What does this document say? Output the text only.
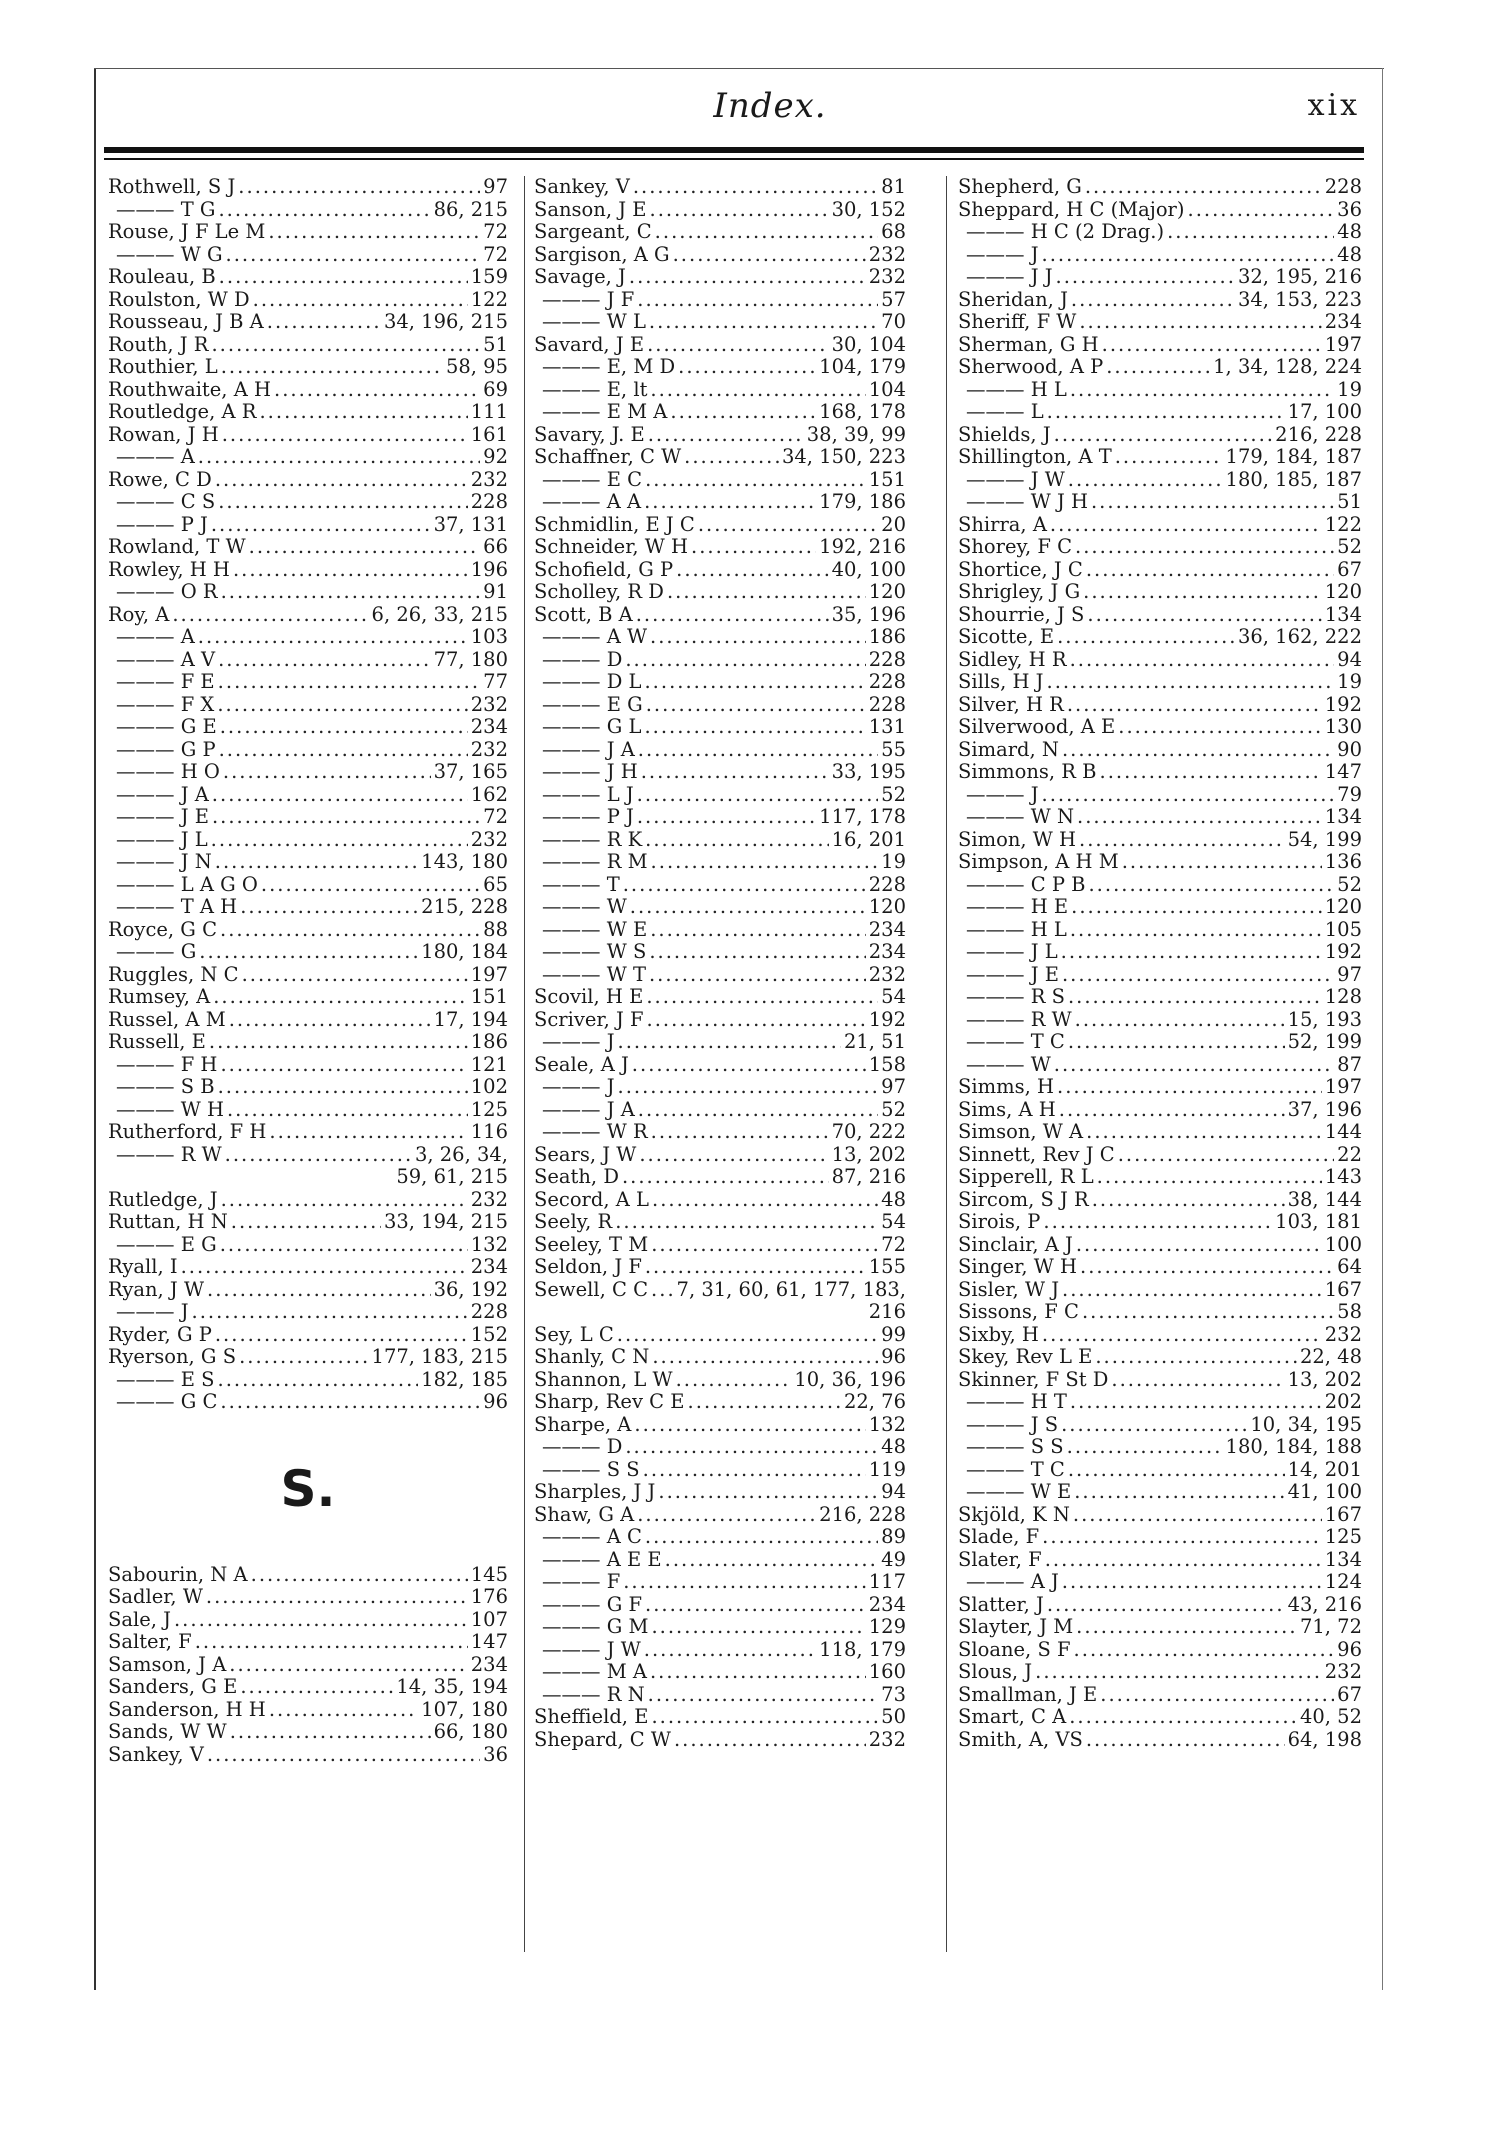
Index.	xix
Rothwell, S J .....	97
——— T G .....	86, 215
Rouse, J F Le M .....	72
——— W G .....	72
Rouleau, B .....	159
Roulston, W D .....	122
Rousseau, J B A .....	34, 196, 215
Routh, J R .....	51
Routhier, L .....	58, 95
Routhwaite, A H .....	69
Routledge, A R .....	111
Rowan, J H .....	161
——— A .....	92
Rowe, C D .....	232
——— C S .....	228
——— P J .....	37, 131
Rowland, T W .....	66
Rowley, H H .....	196
——— O R .....	91
Roy, A .....	6, 26, 33, 215
——— A .....	103
——— A V .....	77, 180
——— F E .....	77
——— F X .....	232
——— G E .....	234
——— G P .....	232
——— H O .....	37, 165
——— J A .....	162
——— J E .....	72
——— J L .....	232
——— J N .....	143, 180
——— L A G O .....	65
——— T A H .....	215, 228
Royce, G C .....	88
——— G .....	180, 184
Ruggles, N C .....	197
Rumsey, A .....	151
Russel, A M .....	17, 194
Russell, E .....	186
——— F H .....	121
——— S B .....	102
——— W H .....	125
Rutherford, F H .....	116
——— R W .....	3, 26, 34,
59, 61, 215
Rutledge, J .....	232
Ruttan, H N .....	33, 194, 215
——— E G .....	132
Ryall, I .....	234
Ryan, J W .....	36, 192
——— J .....	228
Ryder, G P .....	152
Ryerson, G S .....	177, 183, 215
——— E S .....	182, 185
——— G C .....	96
S.
Sabourin, N A .....	145
Sadler, W .....	176
Sale, J .....	107
Salter, F .....	147
Samson, J A .....	234
Sanders, G E .....	14, 35, 194
Sanderson, H H .....	107, 180
Sands, W W .....	66, 180
Sankey, V .....	36
Sankey, V .....	81
Sanson, J E .....	30, 152
Sargeant, C .....	68
Sargison, A G .....	232
Savage, J .....	232
——— J F .....	57
——— W L .....	70
Savard, J E .....	30, 104
——— E, M D .....	104, 179
——— E, lt .....	104
——— E M A .....	168, 178
Savary, J. E .....	38, 39, 99
Schaffner, C W .....	34, 150, 223
——— E C .....	151
——— A A .....	179, 186
Schmidlin, E J C .....	20
Schneider, W H .....	192, 216
Schofield, G P .....	40, 100
Scholley, R D .....	120
Scott, B A .....	35, 196
——— A W .....	186
——— D .....	228
——— D L .....	228
——— E G .....	228
——— G L .....	131
——— J A .....	55
——— J H .....	33, 195
——— L J .....	52
——— P J .....	117, 178
——— R K .....	16, 201
——— R M .....	19
——— T .....	228
——— W .....	120
——— W E .....	234
——— W S .....	234
——— W T .....	232
Scovil, H E .....	54
Scriver, J F .....	192
——— J .....	21, 51
Seale, A J .....	158
——— J .....	97
——— J A .....	52
——— W R .....	70, 222
Sears, J W .....	13, 202
Seath, D .....	87, 216
Secord, A L .....	48
Seely, R .....	54
Seeley, T M .....	72
Seldon, J F .....	155
Sewell, C C ..... 7, 31, 60, 61, 177, 183,
216
Sey, L C .....	99
Shanly, C N .....	96
Shannon, L W .....	10, 36, 196
Sharp, Rev C E .....	22, 76
Sharpe, A .....	132
——— D .....	48
——— S S .....	119
Sharples, J J .....	94
Shaw, G A .....	216, 228
——— A C .....	89
——— A E E .....	49
——— F .....	117
——— G F .....	234
——— G M .....	129
——— J W .....	118, 179
——— M A .....	160
——— R N .....	73
Sheffield, E .....	50
Shepard, C W .....	232
Shepherd, G .....	228
Sheppard, H C (Major) .....	36
——— H C (2 Drag.) .....	48
——— J .....	48
——— J J .....	32, 195, 216
Sheridan, J .....	34, 153, 223
Sheriff, F W .....	234
Sherman, G H .....	197
Sherwood, A P .....	1, 34, 128, 224
——— H L .....	19
——— L .....	17, 100
Shields, J .....	216, 228
Shillington, A T .....	179, 184, 187
——— J W .....	180, 185, 187
——— W J H .....	51
Shirra, A .....	122
Shorey, F C .....	52
Shortice, J C .....	67
Shrigley, J G .....	120
Shourrie, J S .....	134
Sicotte, E .....	36, 162, 222
Sidley, H R .....	94
Sills, H J .....	19
Silver, H R .....	192
Silverwood, A E .....	130
Simard, N .....	90
Simmons, R B .....	147
——— J .....	79
——— W N .....	134
Simon, W H .....	54, 199
Simpson, A H M .....	136
——— C P B .....	52
——— H E .....	120
——— H L .....	105
——— J L .....	192
——— J E .....	97
——— R S .....	128
——— R W .....	15, 193
——— T C .....	52, 199
——— W .....	87
Simms, H .....	197
Sims, A H .....	37, 196
Simson, W A .....	144
Sinnett, Rev J C .....	22
Sipperell, R L .....	143
Sircom, S J R .....	38, 144
Sirois, P .....	103, 181
Sinclair, A J .....	100
Singer, W H .....	64
Sisler, W J .....	167
Sissons, F C .....	58
Sixby, H .....	232
Skey, Rev L E .....	22, 48
Skinner, F St D .....	13, 202
——— H T .....	202
——— J S .....	10, 34, 195
——— S S .....	180, 184, 188
——— T C .....	14, 201
——— W E .....	41, 100
Skjöld, K N .....	167
Slade, F .....	125
Slater, F .....	134
——— A J .....	124
Slatter, J .....	43, 216
Slayter, J M .....	71, 72
Sloane, S F .....	96
Slous, J .....	232
Smallman, J E .....	67
Smart, C A .....	40, 52
Smith, A, VS .....	64, 198
